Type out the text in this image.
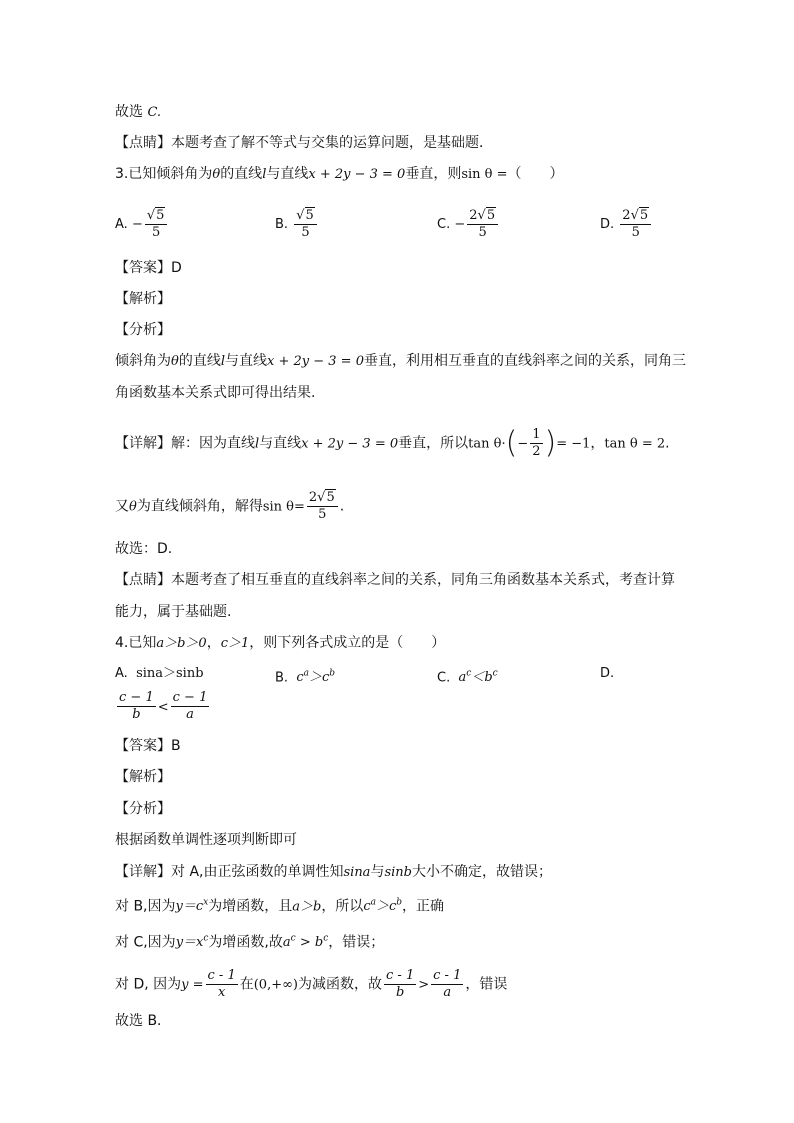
故选 C.
【点睛】本题考查了解不等式与交集的运算问题，是基础题．
3.已知倾斜角为θ的直线l与直线x + 2y − 3 = 0垂直，则sin θ =（　　）
A. − $\frac{√5}{5}$	B. $\frac{√5}{5}$	C. − $\frac{2√5}{5}$	D. $\frac{2√5}{5}$
【答案】D
【解析】
【分析】
倾斜角为θ的直线l与直线x + 2y − 3 = 0垂直，利用相互垂直的直线斜率之间的关系，同角三
角函数基本关系式即可得出结果.
【详解】解：因为直线l与直线x + 2y − 3 = 0垂直，所以$\tan \theta\cdot(- \frac{1}{2}$ )= −1，tan θ = 2.
又θ为直线倾斜角，解得$\sin \theta= \frac{2√5}{5}$ .
故选：D.
【点睛】本题考查了相互垂直的直线斜率之间的关系，同角三角函数基本关系式，考查计算
能力，属于基础题.
4.已知a＞b＞0，c＞1，则下列各式成立的是（　　）
A. sina＞sinb	B. $c^a>c^b$	C. $a^c<b^c$	D.
$\frac{c - 1}{b} < \frac{c - 1}{a}$
【答案】B
【解析】
【分析】
根据函数单调性逐项判断即可
【详解】对 A,由正弦函数的单调性知sina与sinb大小不确定，故错误；
对 B,因为$y=c^x$为增函数，且a＞b，所以$c^a>c^b$，正确
对 C,因为$y=x^c$为增函数,故$a^c > b^c$，错误；
对 D, 因为$y = \frac{c - 1}{x}$ 在(0,+∞)为减函数，故 $\frac{c - 1}{b} > \frac{c - 1}{a}$ ，错误
故选 B．
